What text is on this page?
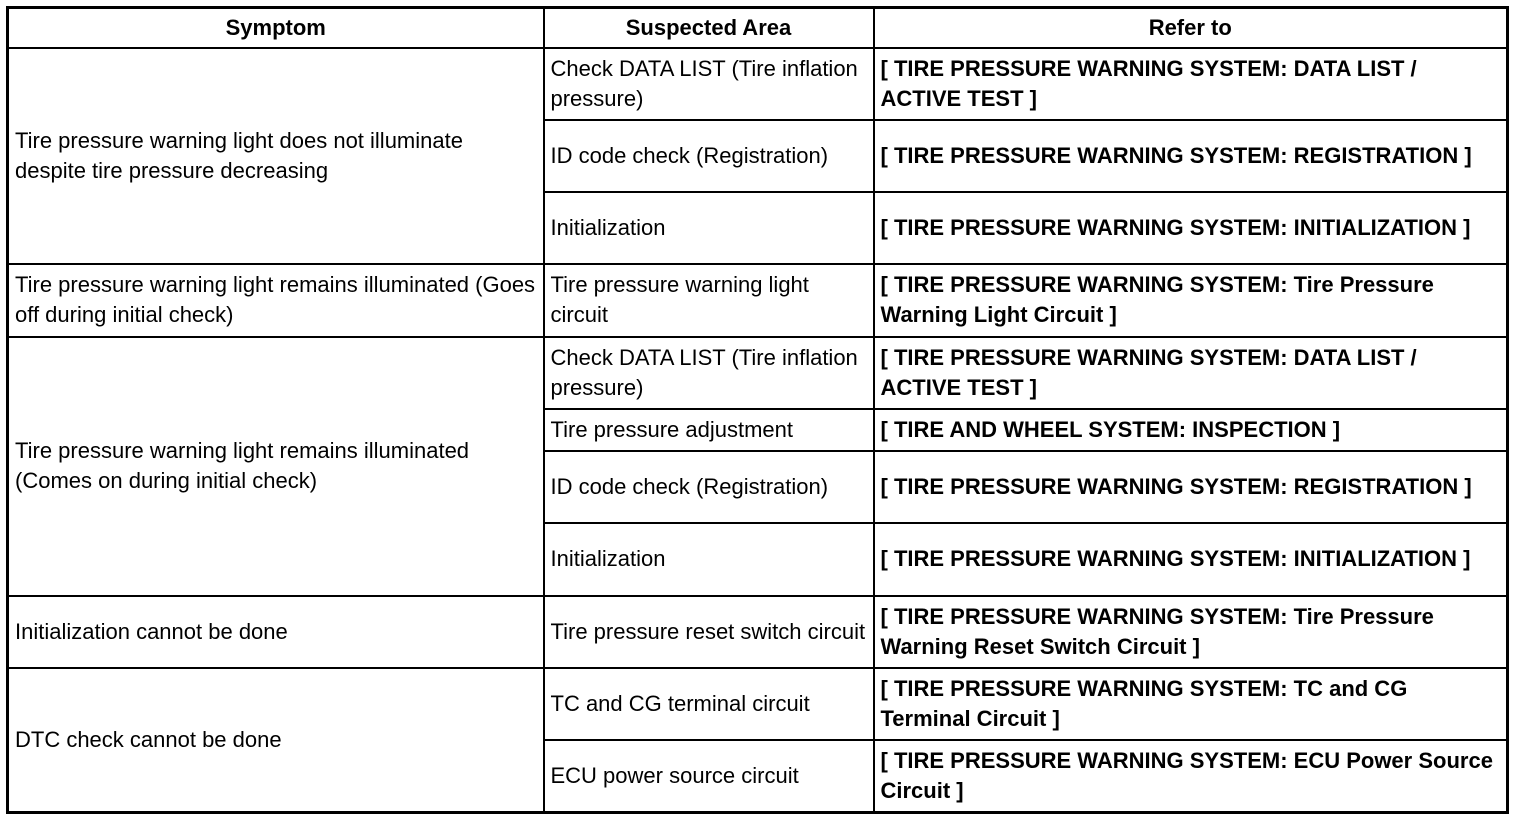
Symptom	Suspected Area	Refer to
Tire pressure warning light does not illuminate despite tire pressure decreasing	Check DATA LIST (Tire inflation pressure)	[ TIRE PRESSURE WARNING SYSTEM: DATA LIST / ACTIVE TEST ]
	ID code check (Registration)	[ TIRE PRESSURE WARNING SYSTEM: REGISTRATION ]
	Initialization	[ TIRE PRESSURE WARNING SYSTEM: INITIALIZATION ]
Tire pressure warning light remains illuminated (Goes off during initial check)	Tire pressure warning light circuit	[ TIRE PRESSURE WARNING SYSTEM: Tire Pressure Warning Light Circuit ]
Tire pressure warning light remains illuminated (Comes on during initial check)	Check DATA LIST (Tire inflation pressure)	[ TIRE PRESSURE WARNING SYSTEM: DATA LIST / ACTIVE TEST ]
	Tire pressure adjustment	[ TIRE AND WHEEL SYSTEM: INSPECTION ]
	ID code check (Registration)	[ TIRE PRESSURE WARNING SYSTEM: REGISTRATION ]
	Initialization	[ TIRE PRESSURE WARNING SYSTEM: INITIALIZATION ]
Initialization cannot be done	Tire pressure reset switch circuit	[ TIRE PRESSURE WARNING SYSTEM: Tire Pressure Warning Reset Switch Circuit ]
DTC check cannot be done	TC and CG terminal circuit	[ TIRE PRESSURE WARNING SYSTEM: TC and CG Terminal Circuit ]
	ECU power source circuit	[ TIRE PRESSURE WARNING SYSTEM: ECU Power Source Circuit ]
